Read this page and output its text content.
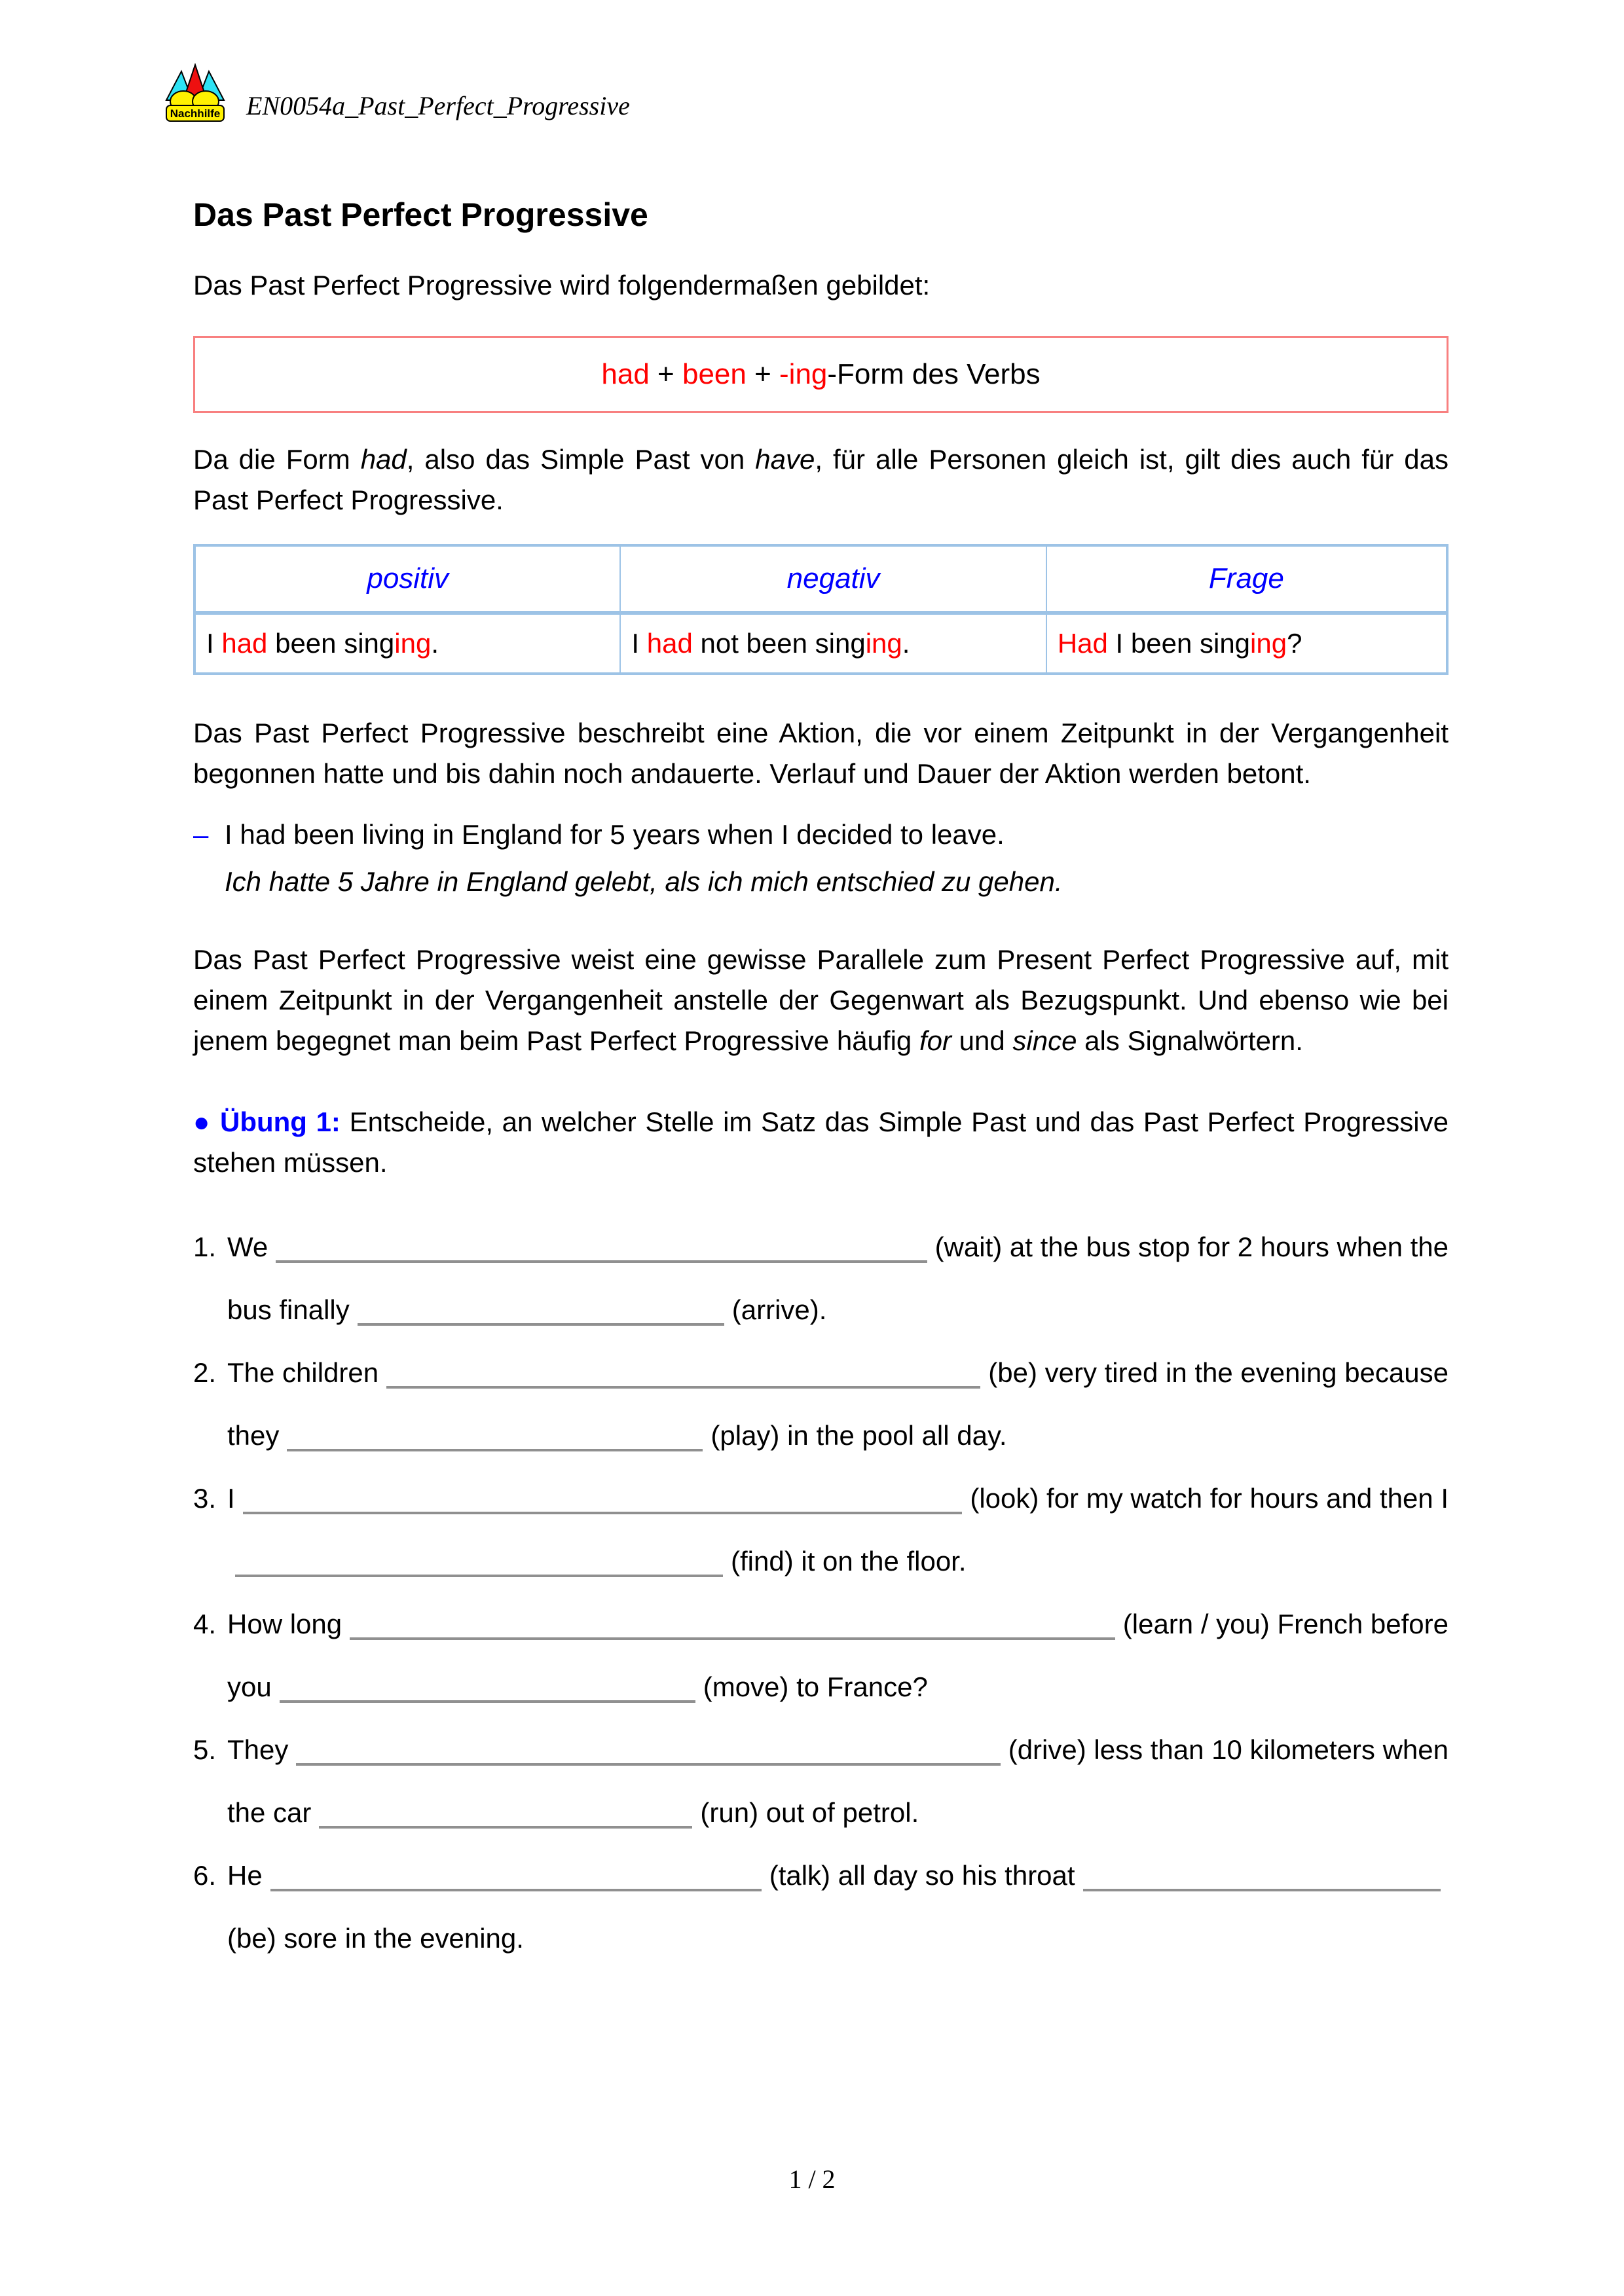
Nachhilfe EN0054a_Past_Perfect_Progressive
Das Past Perfect Progressive

Das Past Perfect Progressive wird folgendermaßen gebildet:

had + been + -ing-Form des Verbs

Da die Form had, also das Simple Past von have, für alle Personen gleich ist, gilt dies auch für das Past Perfect Progressive.

positiv	negativ	Frage
I had been singing.	I had not been singing.	Had I been singing?

Das Past Perfect Progressive beschreibt eine Aktion, die vor einem Zeitpunkt in der Vergangenheit begonnen hatte und bis dahin noch andauerte. Verlauf und Dauer der Aktion werden betont.

– I had been living in England for 5 years when I decided to leave.
Ich hatte 5 Jahre in England gelebt, als ich mich entschied zu gehen.

Das Past Perfect Progressive weist eine gewisse Parallele zum Present Perfect Progressive auf, mit einem Zeitpunkt in der Vergangenheit anstelle der Gegenwart als Bezugspunkt. Und ebenso wie bei jenem begegnet man beim Past Perfect Progressive häufig for und since als Signalwörtern.

● Übung 1: Entscheide, an welcher Stelle im Satz das Simple Past und das Past Perfect Progressive stehen müssen.

1. We	(wait) at the bus stop for 2 hours when the
bus finally	(arrive).
2. The children	(be) very tired in the evening because
they	(play) in the pool all day.
3. I	(look) for my watch for hours and then I
(find) it on the floor.
4. How long	(learn / you) French before
you	(move) to France?
5. They	(drive) less than 10 kilometers when
the car	(run) out of petrol.
6. He	(talk) all day so his throat
(be) sore in the evening.
1 / 2
